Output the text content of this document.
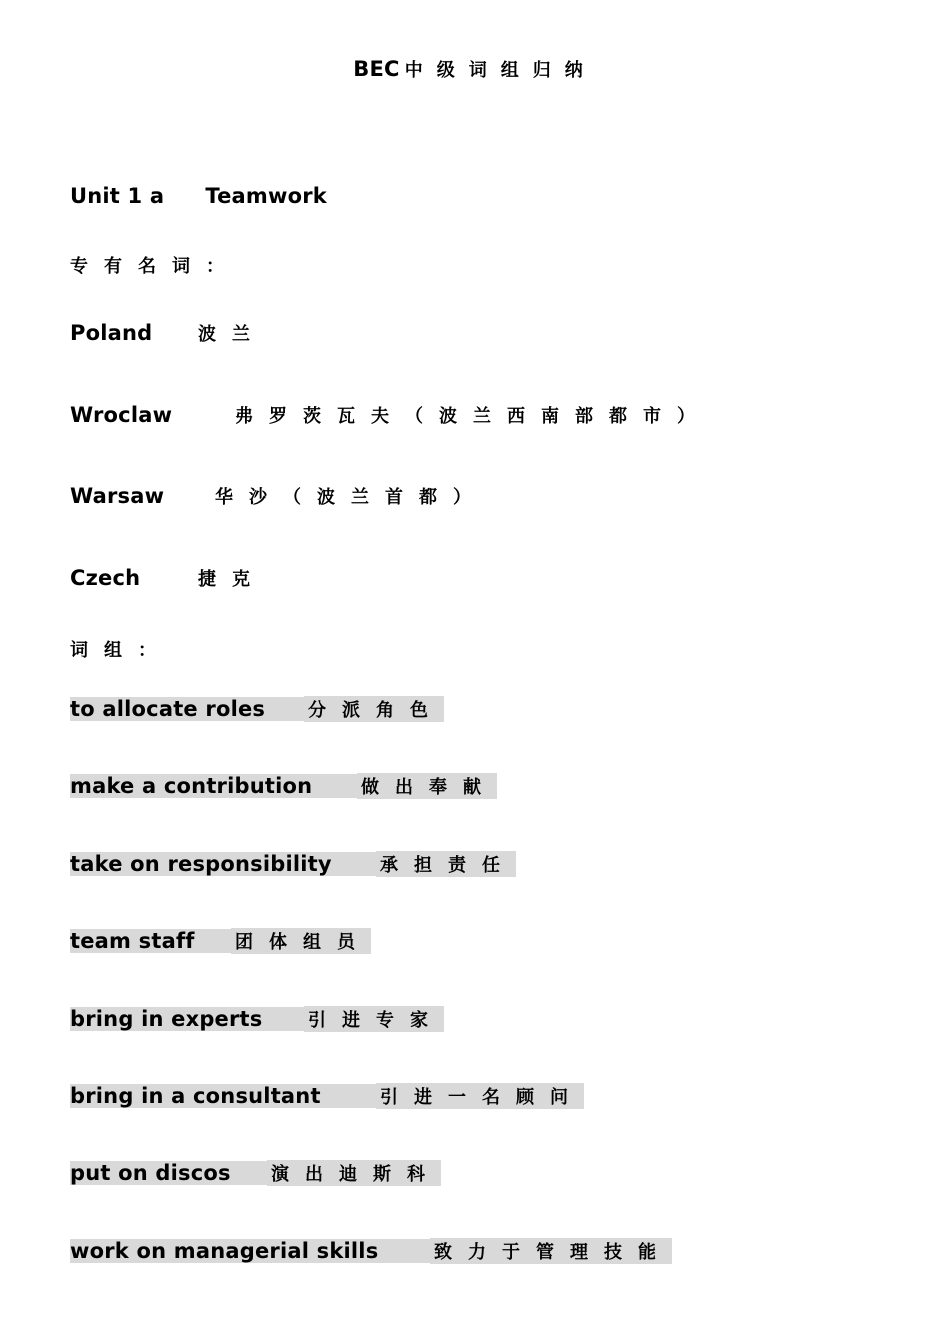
BEC 中级词组归纳
Unit 1 a Teamwork
专有名词：
Poland	波兰
Wroclaw	弗罗茨瓦夫（波兰西南部都市）
Warsaw	华沙（波兰首都）
Czech	捷克
词组：
to allocate roles	分派角色
make a contribution	做出奉献
take on responsibility	承担责任
team staff	团体组员
bring in experts	引进专家
bring in a consultant	引进一名顾问
put on discos	演出迪斯科
work on managerial skills	致力于管理技能
